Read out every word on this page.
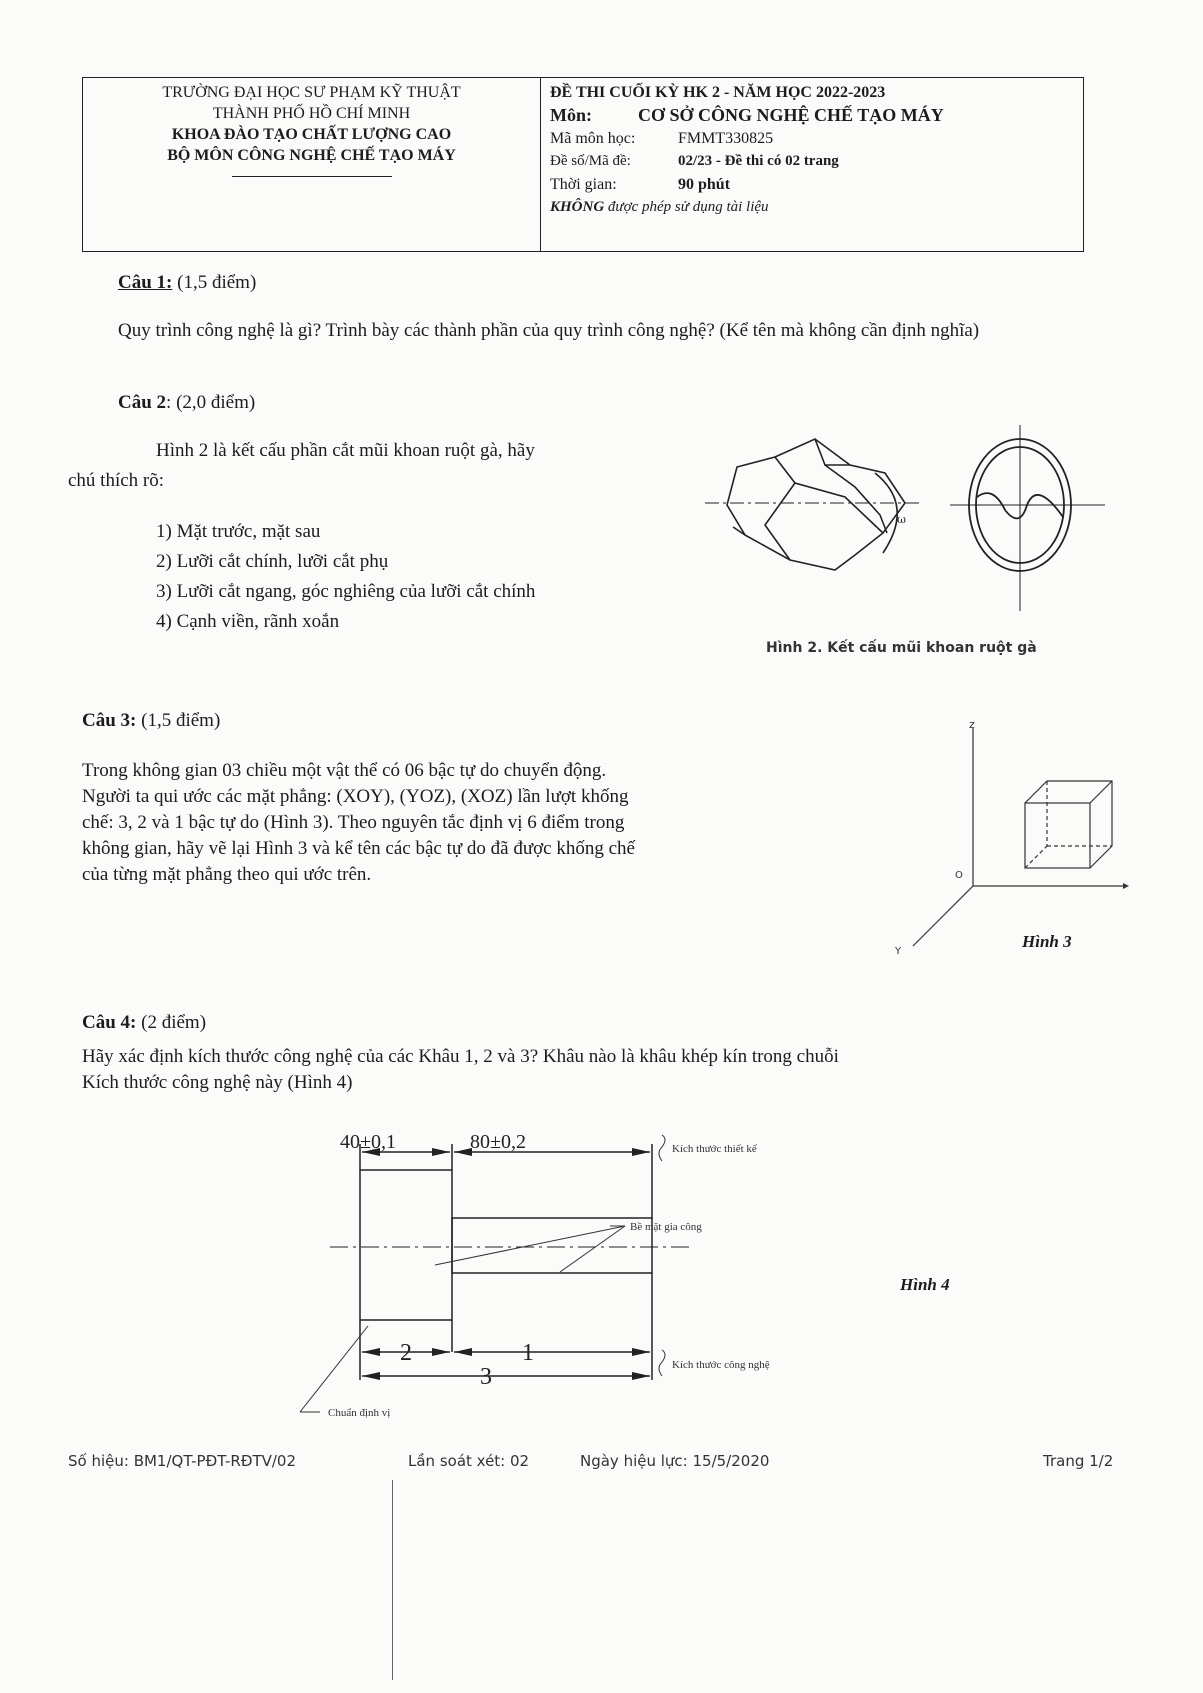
TRƯỜNG ĐẠI HỌC SƯ PHẠM KỸ THUẬT
THÀNH PHỐ HỒ CHÍ MINH
KHOA ĐÀO TẠO CHẤT LƯỢNG CAO
BỘ MÔN CÔNG NGHỆ CHẾ TẠO MÁY
ĐỀ THI CUỐI KỲ HK 2 - NĂM HỌC 2022-2023
Môn:	CƠ SỞ CÔNG NGHỆ CHẾ TẠO MÁY
Mã môn học:	FMMT330825
Đề số/Mã đề:	02/23 - Đề thi có 02 trang
Thời gian:	90 phút
KHÔNG được phép sử dụng tài liệu
Câu 1: (1,5 điểm)
Quy trình công nghệ là gì? Trình bày các thành phần của quy trình công nghệ? (Kể tên mà không cần định nghĩa)
Câu 2: (2,0 điểm)
Hình 2 là kết cấu phần cắt mũi khoan ruột gà, hãy
chú thích rõ:
1) Mặt trước, mặt sau
2) Lưỡi cắt chính, lưỡi cắt phụ
3) Lưỡi cắt ngang, góc nghiêng của lưỡi cắt chính
4) Cạnh viền, rãnh xoắn
ω
Hình 2. Kết cấu mũi khoan ruột gà
Câu 3: (1,5 điểm)
Trong không gian 03 chiều một vật thể có 06 bậc tự do chuyển động.
Người ta qui ước các mặt phẳng: (XOY), (YOZ), (XOZ) lần lượt khống
chế: 3, 2 và 1 bậc tự do (Hình 3). Theo nguyên tắc định vị 6 điểm trong
không gian, hãy vẽ lại Hình 3 và kể tên các bậc tự do đã được khống chế
của từng mặt phẳng theo qui ước trên.
z
O
Y
Hình 3
Câu 4: (2 điểm)
Hãy xác định kích thước công nghệ của các Khâu 1, 2 và 3? Khâu nào là khâu khép kín trong chuỗi
Kích thước công nghệ này (Hình 4)
40±0,1	80±0,2
2	1
3
Kích thước thiết kế
Bề mặt gia công
Kích thước công nghệ
Chuẩn định vị
Hình 4
Số hiệu: BM1/QT-PĐT-RĐTV/02	Lần soát xét: 02	Ngày hiệu lực: 15/5/2020	Trang 1/2
